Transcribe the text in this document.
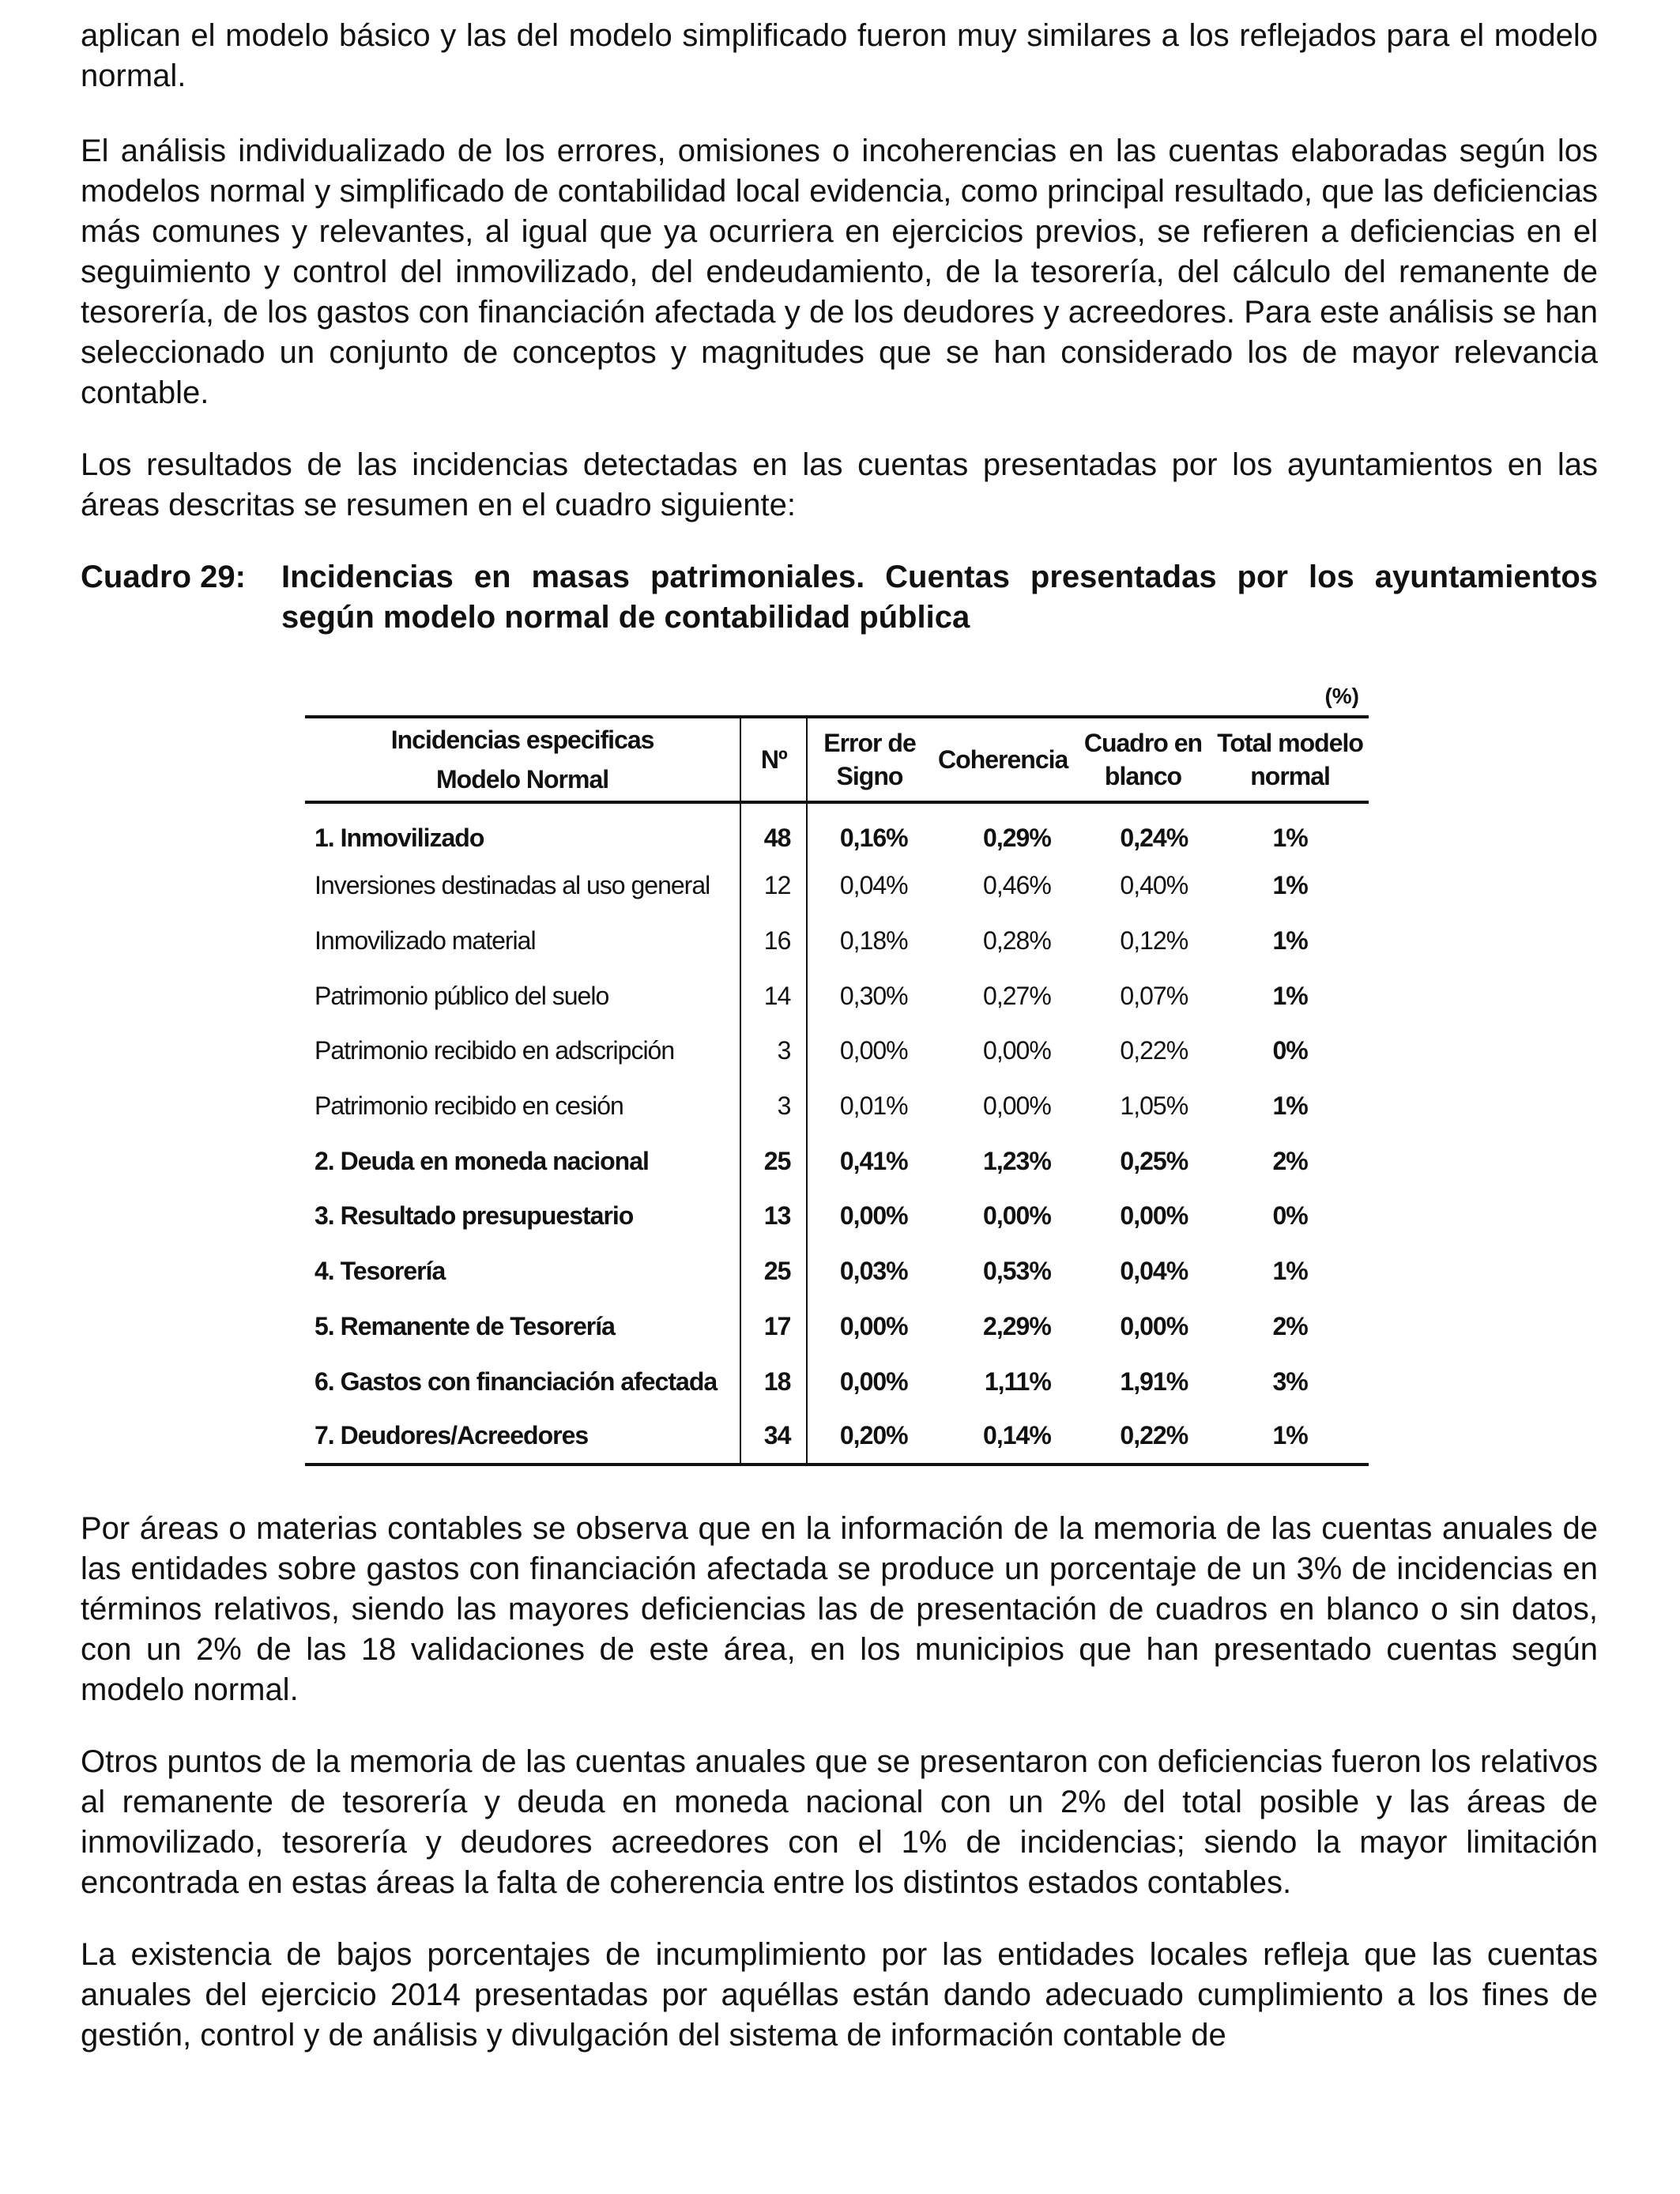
aplican el modelo básico y las del modelo simplificado fueron muy similares a los reflejados para el modelo normal.

El análisis individualizado de los errores, omisiones o incoherencias en las cuentas elaboradas según los modelos normal y simplificado de contabilidad local evidencia, como principal resultado, que las deficiencias más comunes y relevantes, al igual que ya ocurriera en ejercicios previos, se refieren a deficiencias en el seguimiento y control del inmovilizado, del endeudamiento, de la tesorería, del cálculo del remanente de tesorería, de los gastos con financiación afectada y de los deudores y acreedores. Para este análisis se han seleccionado un conjunto de conceptos y magnitudes que se han considerado los de mayor relevancia contable.

Los resultados de las incidencias detectadas en las cuentas presentadas por los ayuntamientos en las áreas descritas se resumen en el cuadro siguiente:

Cuadro 29:	Incidencias en masas patrimoniales. Cuentas presentadas por los ayuntamientos según modelo normal de contabilidad pública
(%)
Incidencias especificas
Modelo Normal	Nº	Error de Signo	Coherencia	Cuadro en blanco	Total modelo normal
1. Inmovilizado	48	0,16%	0,29%	0,24%	1%
Inversiones destinadas al uso general	12	0,04%	0,46%	0,40%	1%
Inmovilizado material	16	0,18%	0,28%	0,12%	1%
Patrimonio público del suelo	14	0,30%	0,27%	0,07%	1%
Patrimonio recibido en adscripción	3	0,00%	0,00%	0,22%	0%
Patrimonio recibido en cesión	3	0,01%	0,00%	1,05%	1%
2. Deuda en moneda nacional	25	0,41%	1,23%	0,25%	2%
3. Resultado presupuestario	13	0,00%	0,00%	0,00%	0%
4. Tesorería	25	0,03%	0,53%	0,04%	1%
5. Remanente de Tesorería	17	0,00%	2,29%	0,00%	2%
6. Gastos con financiación afectada	18	0,00%	1,11%	1,91%	3%
7. Deudores/Acreedores	34	0,20%	0,14%	0,22%	1%

Por áreas o materias contables se observa que en la información de la memoria de las cuentas anuales de las entidades sobre gastos con financiación afectada se produce un porcentaje de un 3% de incidencias en términos relativos, siendo las mayores deficiencias las de presentación de cuadros en blanco o sin datos, con un 2% de las 18 validaciones de este área, en los municipios que han presentado cuentas según modelo normal.

Otros puntos de la memoria de las cuentas anuales que se presentaron con deficiencias fueron los relativos al remanente de tesorería y deuda en moneda nacional con un 2% del total posible y las áreas de inmovilizado, tesorería y deudores acreedores con el 1% de incidencias; siendo la mayor limitación encontrada en estas áreas la falta de coherencia entre los distintos estados contables.

La existencia de bajos porcentajes de incumplimiento por las entidades locales refleja que las cuentas anuales del ejercicio 2014 presentadas por aquéllas están dando adecuado cumplimiento a los fines de gestión, control y de análisis y divulgación del sistema de información contable de
